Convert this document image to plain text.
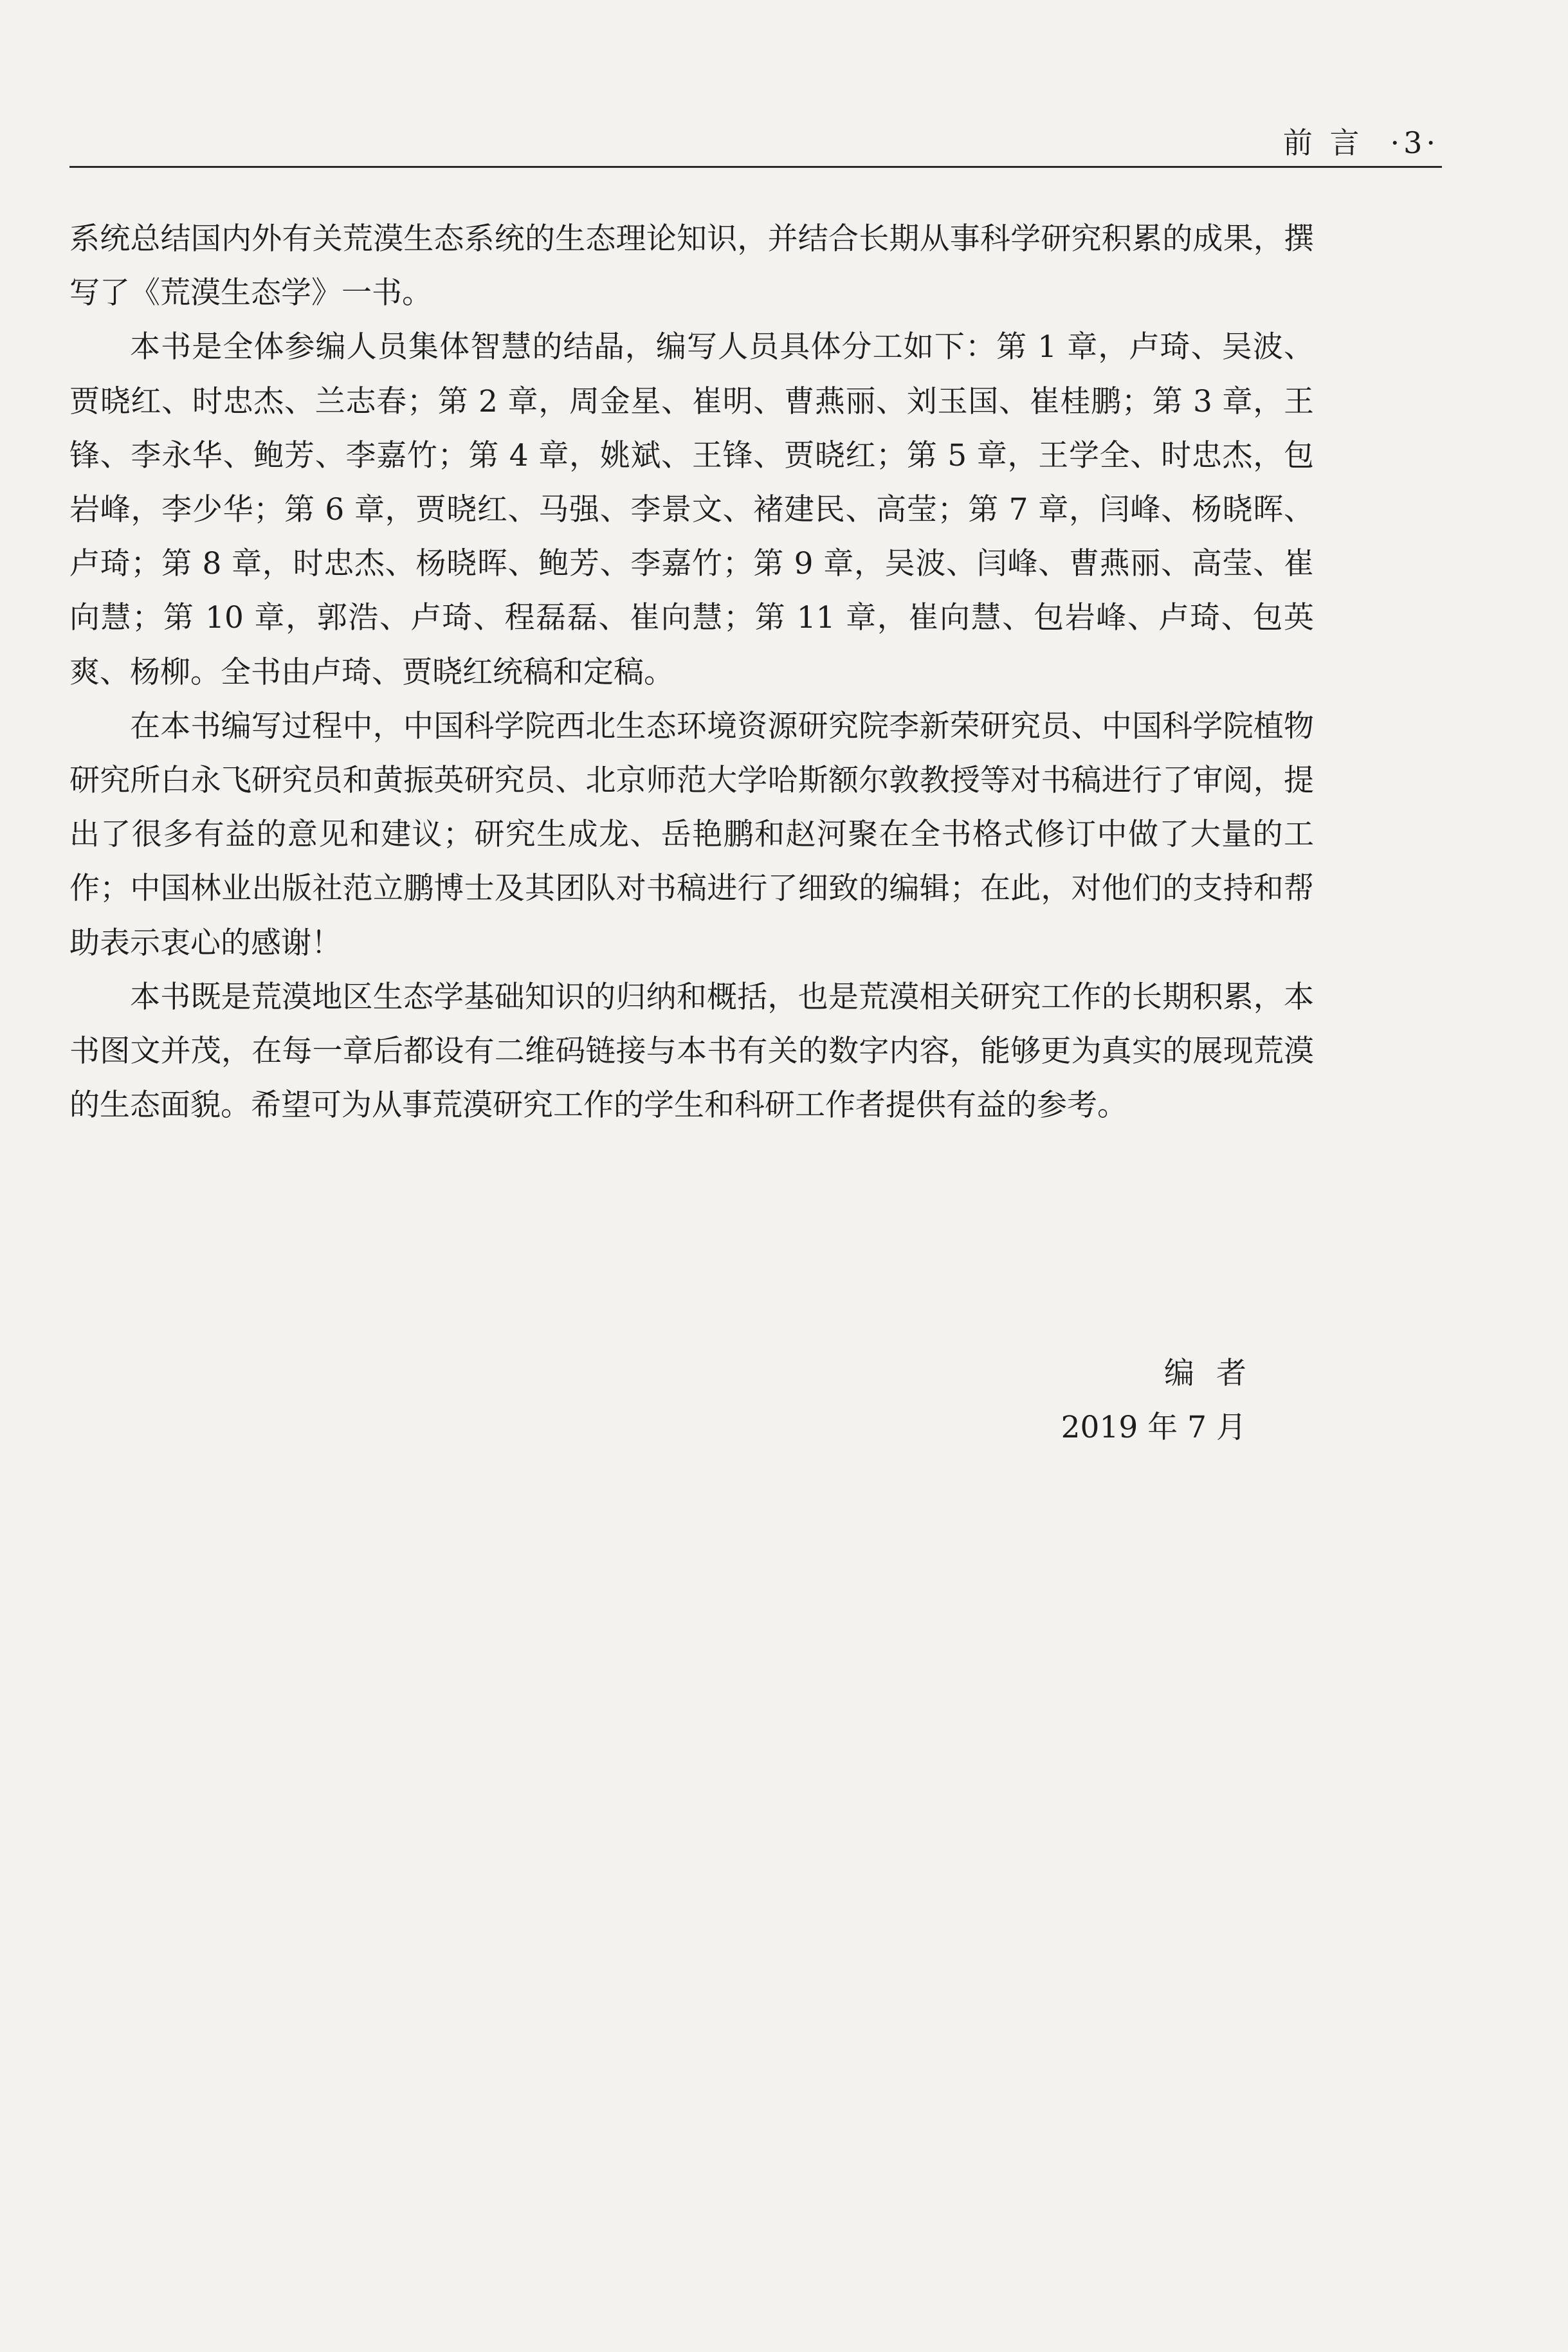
前 言 ·3·

系统总结国内外有关荒漠生态系统的生态理论知识，并结合长期从事科学研究积累的成果，撰写了《荒漠生态学》一书。

本书是全体参编人员集体智慧的结晶，编写人员具体分工如下：第 1 章，卢琦、吴波、贾晓红、时忠杰、兰志春；第 2 章，周金星、崔明、曹燕丽、刘玉国、崔桂鹏；第 3 章，王锋、李永华、鲍芳、李嘉竹；第 4 章，姚斌、王锋、贾晓红；第 5 章，王学全、时忠杰，包岩峰，李少华；第 6 章，贾晓红、马强、李景文、褚建民、高莹；第 7 章，闫峰、杨晓晖、卢琦；第 8 章，时忠杰、杨晓晖、鲍芳、李嘉竹；第 9 章，吴波、闫峰、曹燕丽、高莹、崔向慧；第 10 章，郭浩、卢琦、程磊磊、崔向慧；第 11 章，崔向慧、包岩峰、卢琦、包英爽、杨柳。全书由卢琦、贾晓红统稿和定稿。

在本书编写过程中，中国科学院西北生态环境资源研究院李新荣研究员、中国科学院植物研究所白永飞研究员和黄振英研究员、北京师范大学哈斯额尔敦教授等对书稿进行了审阅，提出了很多有益的意见和建议；研究生成龙、岳艳鹏和赵河聚在全书格式修订中做了大量的工作；中国林业出版社范立鹏博士及其团队对书稿进行了细致的编辑；在此，对他们的支持和帮助表示衷心的感谢！

本书既是荒漠地区生态学基础知识的归纳和概括，也是荒漠相关研究工作的长期积累，本书图文并茂，在每一章后都设有二维码链接与本书有关的数字内容，能够更为真实的展现荒漠的生态面貌。希望可为从事荒漠研究工作的学生和科研工作者提供有益的参考。

编者
2019 年 7 月
